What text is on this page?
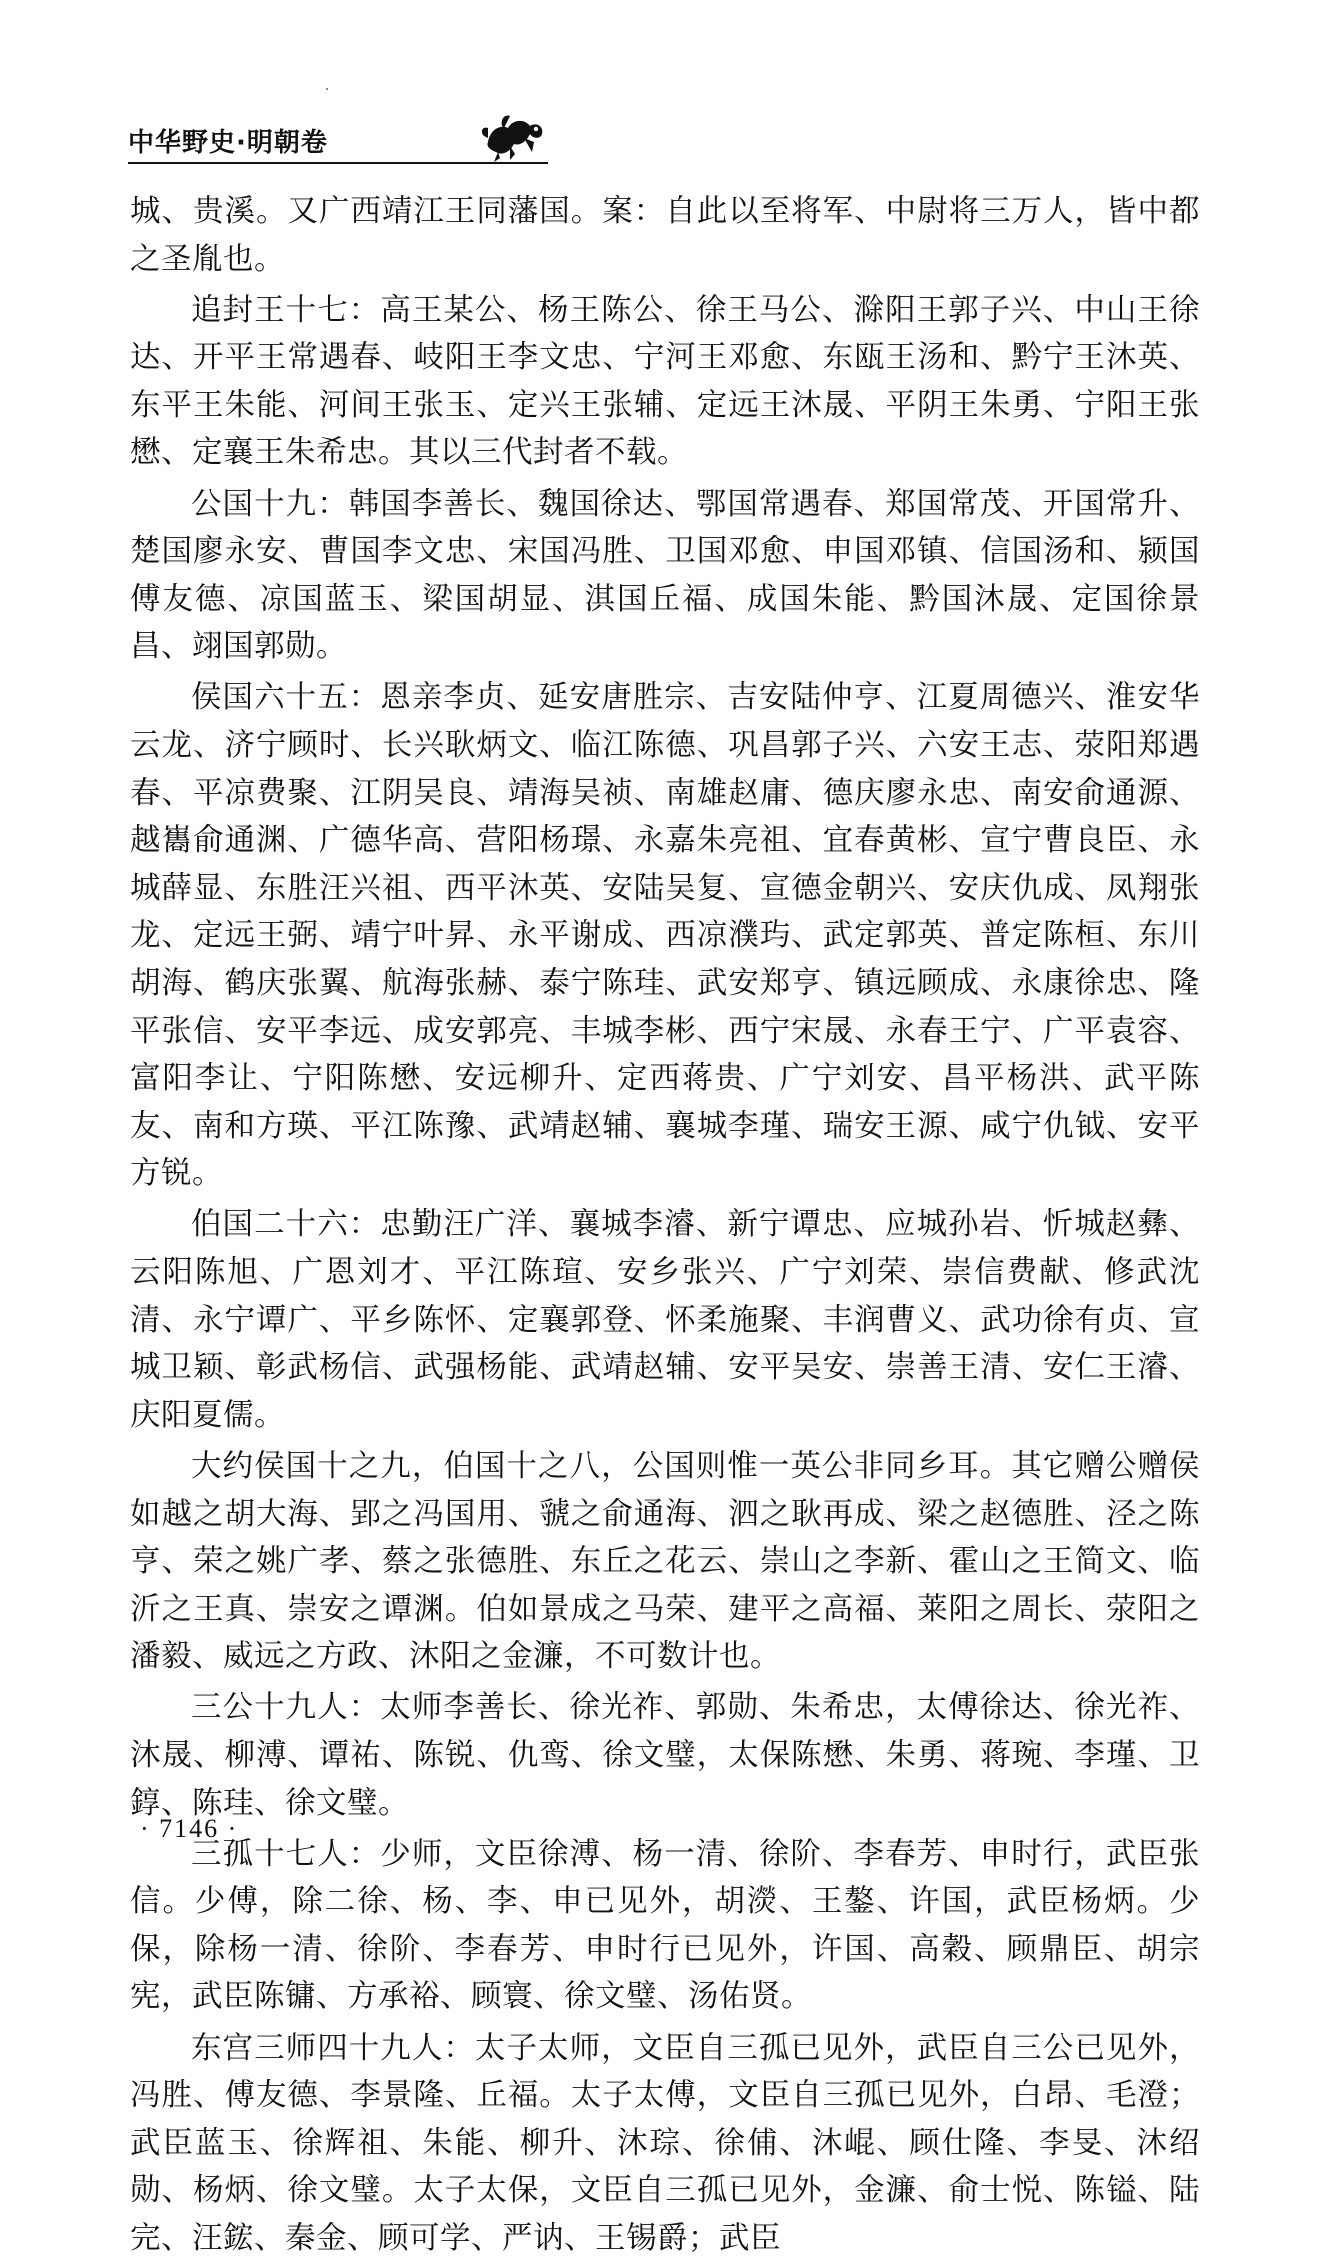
中华野史·明朝卷

城、贵溪。又广西靖江王同藩国。案：自此以至将军、中尉将三万人，皆中都之圣胤也。

追封王十七：高王某公、杨王陈公、徐王马公、滁阳王郭子兴、中山王徐达、开平王常遇春、岐阳王李文忠、宁河王邓愈、东瓯王汤和、黔宁王沐英、东平王朱能、河间王张玉、定兴王张辅、定远王沐晟、平阴王朱勇、宁阳王张懋、定襄王朱希忠。其以三代封者不载。

公国十九：韩国李善长、魏国徐达、鄂国常遇春、郑国常茂、开国常升、楚国廖永安、曹国李文忠、宋国冯胜、卫国邓愈、申国邓镇、信国汤和、颍国傅友德、凉国蓝玉、梁国胡显、淇国丘福、成国朱能、黔国沐晟、定国徐景昌、翊国郭勋。

侯国六十五：恩亲李贞、延安唐胜宗、吉安陆仲亨、江夏周德兴、淮安华云龙、济宁顾时、长兴耿炳文、临江陈德、巩昌郭子兴、六安王志、荥阳郑遇春、平凉费聚、江阴吴良、靖海吴祯、南雄赵庸、德庆廖永忠、南安俞通源、越巂俞通渊、广德华高、营阳杨璟、永嘉朱亮祖、宜春黄彬、宣宁曹良臣、永城薛显、东胜汪兴祖、西平沐英、安陆吴复、宣德金朝兴、安庆仇成、凤翔张龙、定远王弼、靖宁叶昇、永平谢成、西凉濮玙、武定郭英、普定陈桓、东川胡海、鹤庆张翼、航海张赫、泰宁陈珪、武安郑亨、镇远顾成、永康徐忠、隆平张信、安平李远、成安郭亮、丰城李彬、西宁宋晟、永春王宁、广平袁容、富阳李让、宁阳陈懋、安远柳升、定西蒋贵、广宁刘安、昌平杨洪、武平陈友、南和方瑛、平江陈豫、武靖赵辅、襄城李瑾、瑞安王源、咸宁仇钺、安平方锐。

伯国二十六：忠勤汪广洋、襄城李濬、新宁谭忠、应城孙岩、忻城赵彝、云阳陈旭、广恩刘才、平江陈瑄、安乡张兴、广宁刘荣、崇信费献、修武沈清、永宁谭广、平乡陈怀、定襄郭登、怀柔施聚、丰润曹义、武功徐有贞、宣城卫颖、彰武杨信、武强杨能、武靖赵辅、安平吴安、崇善王清、安仁王濬、庆阳夏儒。

大约侯国十之九，伯国十之八，公国则惟一英公非同乡耳。其它赠公赠侯如越之胡大海、郢之冯国用、虢之俞通海、泗之耿再成、梁之赵德胜、泾之陈亨、荣之姚广孝、蔡之张德胜、东丘之花云、崇山之李新、霍山之王简文、临沂之王真、崇安之谭渊。伯如景成之马荣、建平之高福、莱阳之周长、荥阳之潘毅、威远之方政、沐阳之金濂，不可数计也。

三公十九人：太师李善长、徐光祚、郭勋、朱希忠，太傅徐达、徐光祚、沐晟、柳溥、谭祐、陈锐、仇鸾、徐文璧，太保陈懋、朱勇、蒋琬、李瑾、卫錞、陈珪、徐文璧。

三孤十七人：少师，文臣徐溥、杨一清、徐阶、李春芳、申时行，武臣张信。少傅，除二徐、杨、李、申已见外，胡濙、王鏊、许国，武臣杨炳。少保，除杨一清、徐阶、李春芳、申时行已见外，许国、高穀、顾鼎臣、胡宗宪，武臣陈镛、方承裕、顾寰、徐文璧、汤佑贤。

东宫三师四十九人：太子太师，文臣自三孤已见外，武臣自三公已见外，冯胜、傅友德、李景隆、丘福。太子太傅，文臣自三孤已见外，白昂、毛澄；武臣蓝玉、徐辉祖、朱能、柳升、沐琮、徐俌、沐崐、顾仕隆、李旻、沐绍勋、杨炳、徐文璧。太子太保，文臣自三孤已见外，金濂、俞士悦、陈镒、陆完、汪鋐、秦金、顾可学、严讷、王锡爵；武臣

· 7146 ·
